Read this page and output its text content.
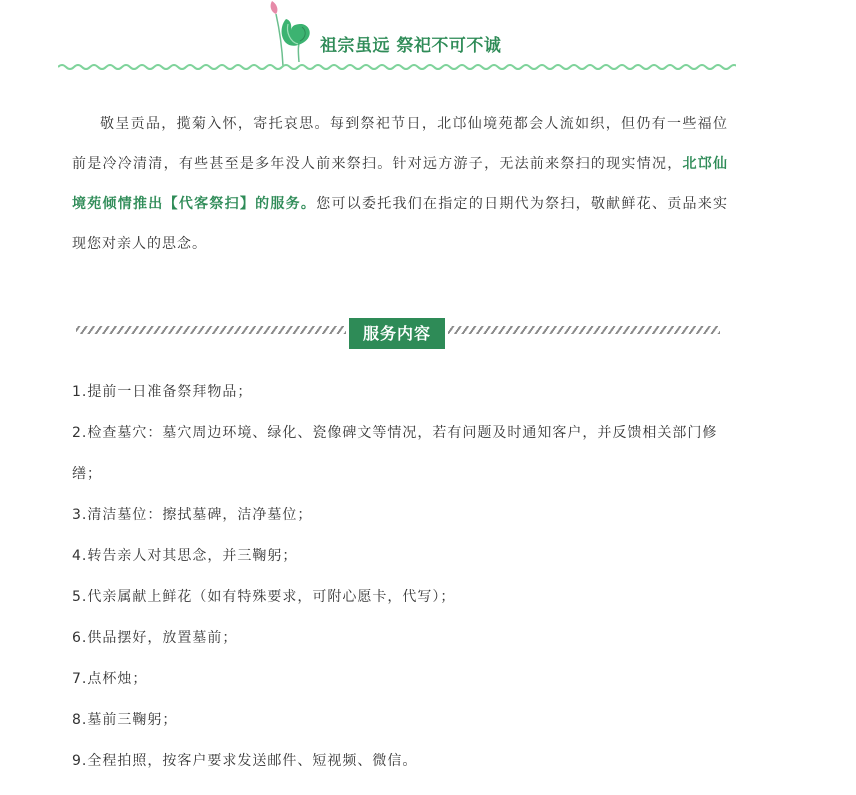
祖宗虽远 祭祀不可不诚

敬呈贡品，揽菊入怀，寄托哀思。每到祭祀节日，北邙仙境苑都会人流如织，但仍有一些福位前是冷冷清清，有些甚至是多年没人前来祭扫。针对远方游子，无法前来祭扫的现实情况，北邙仙境苑倾情推出【代客祭扫】的服务。您可以委托我们在指定的日期代为祭扫，敬献鲜花、贡品来实现您对亲人的思念。

服务内容
1.提前一日准备祭拜物品；
2.检查墓穴：墓穴周边环境、绿化、瓷像碑文等情况，若有问题及时通知客户，并反馈相关部门修缮；
3.清洁墓位：擦拭墓碑，洁净墓位；
4.转告亲人对其思念，并三鞠躬；
5.代亲属献上鲜花（如有特殊要求，可附心愿卡，代写）；
6.供品摆好，放置墓前；
7.点杯烛；
8.墓前三鞠躬；
9.全程拍照，按客户要求发送邮件、短视频、微信。
